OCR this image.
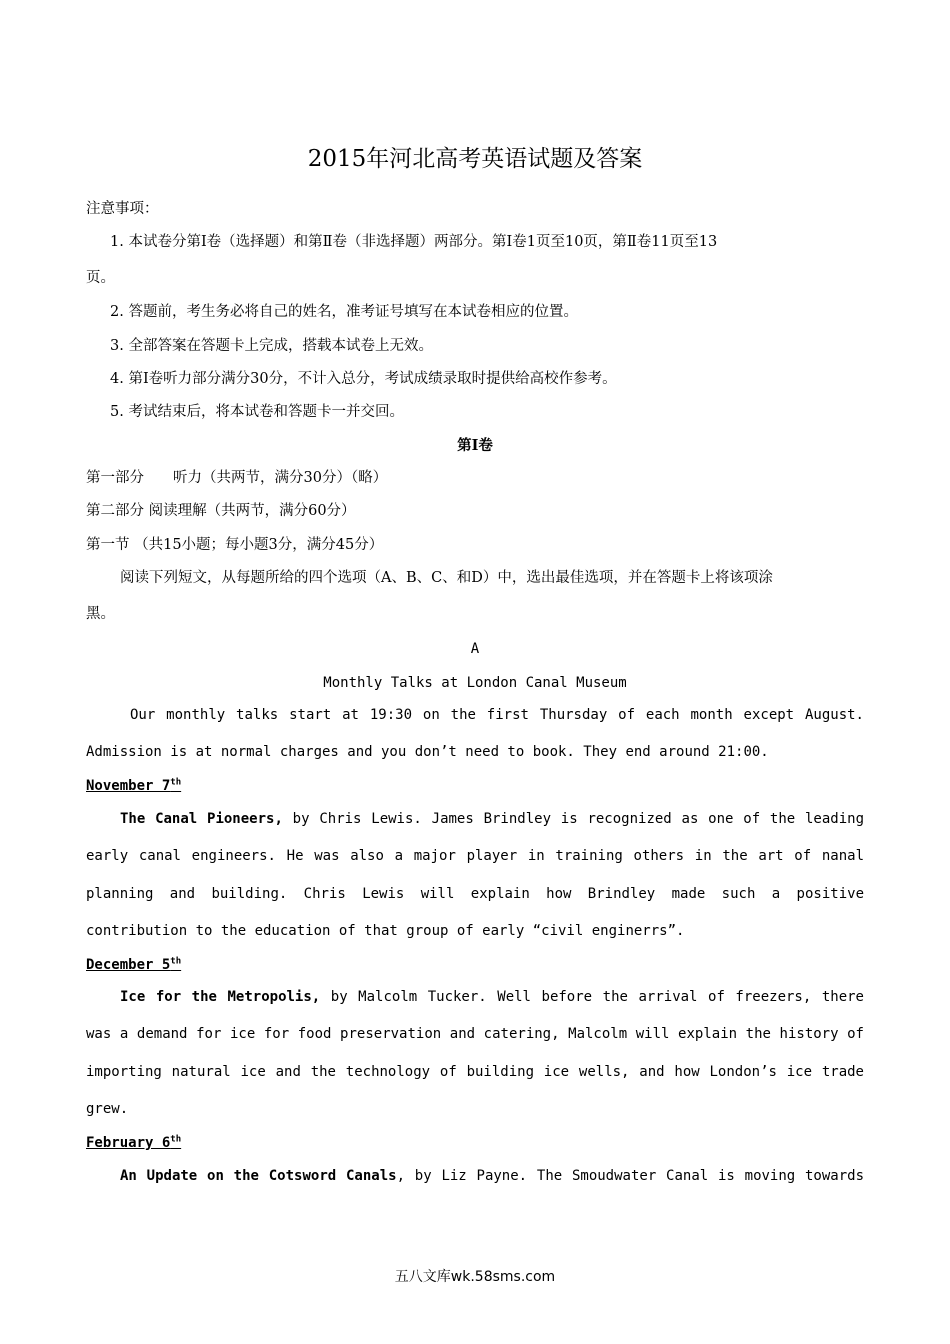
2015年河北高考英语试题及答案
注意事项：
1. 本试卷分第Ⅰ卷（选择题）和第Ⅱ卷（非选择题）两部分。第Ⅰ卷1页至10页，第Ⅱ卷11页至13
页。
2. 答题前，考生务必将自己的姓名，准考证号填写在本试卷相应的位置。
3. 全部答案在答题卡上完成，搭载本试卷上无效。
4. 第Ⅰ卷听力部分满分30分，不计入总分，考试成绩录取时提供给高校作参考。
5. 考试结束后，将本试卷和答题卡一并交回。
第Ⅰ卷
第一部分　　听力（共两节，满分30分）（略）
第二部分 阅读理解（共两节，满分60分）
第一节 （共15小题；每小题3分，满分45分）
阅读下列短文，从每题所给的四个选项（A、B、C、和D）中，选出最佳选项，并在答题卡上将该项涂
黑。
A
Monthly Talks at London Canal Museum
Our monthly talks start at 19:30 on the first Thursday of each month except August. Admission is at normal charges and you don’t need to book. They end around 21:00.
November 7th
The Canal Pioneers, by Chris Lewis. James Brindley is recognized as one of the leading early canal engineers. He was also a major player in training others in the art of nanal planning and building. Chris Lewis will explain how Brindley made such a positive contribution to the education of that group of early “civil enginerrs”.
December 5th
Ice for the Metropolis, by Malcolm Tucker. Well before the arrival of freezers, there was a demand for ice for food preservation and catering, Malcolm will explain the history of importing natural ice and the technology of building ice wells, and how London’s ice trade grew.
February 6th
An Update on the Cotsword Canals, by Liz Payne. The Smoudwater Canal is moving towards
五八文库wk.58sms.com
